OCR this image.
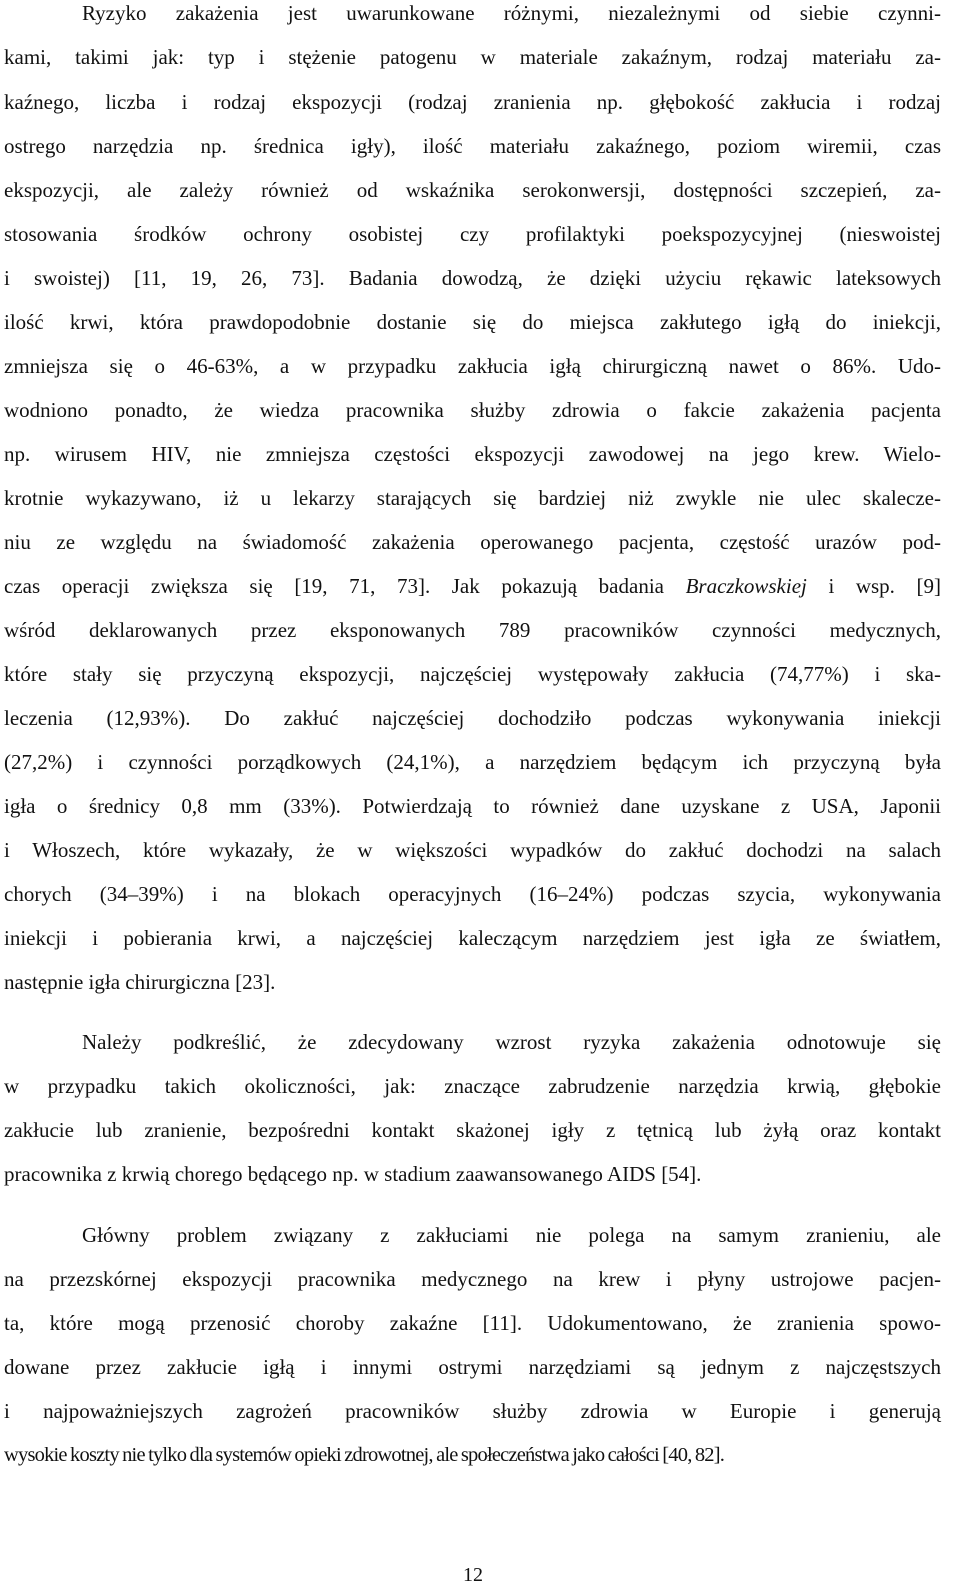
Ryzyko zakażenia jest uwarunkowane różnymi, niezależnymi od siebie czynni-
kami, takimi jak: typ i stężenie patogenu w materiale zakaźnym, rodzaj materiału za-
kaźnego, liczba i rodzaj ekspozycji (rodzaj zranienia np. głębokość zakłucia i rodzaj
ostrego narzędzia np. średnica igły), ilość materiału zakaźnego, poziom wiremii, czas
ekspozycji, ale zależy również od wskaźnika serokonwersji, dostępności szczepień, za-
stosowania środków ochrony osobistej czy profilaktyki poekspozycyjnej (nieswoistej
i swoistej) [11, 19, 26, 73]. Badania dowodzą, że dzięki użyciu rękawic lateksowych
ilość krwi, która prawdopodobnie dostanie się do miejsca zakłutego igłą do iniekcji,
zmniejsza się o 46-63%, a w przypadku zakłucia igłą chirurgiczną nawet o 86%. Udo-
wodniono ponadto, że wiedza pracownika służby zdrowia o fakcie zakażenia pacjenta
np. wirusem HIV, nie zmniejsza częstości ekspozycji zawodowej na jego krew. Wielo-
krotnie wykazywano, iż u lekarzy starających się bardziej niż zwykle nie ulec skalecze-
niu ze względu na świadomość zakażenia operowanego pacjenta, częstość urazów pod-
czas operacji zwiększa się [19, 71, 73]. Jak pokazują badania Braczkowskiej i wsp. [9]
wśród deklarowanych przez eksponowanych 789 pracowników czynności medycznych,
które stały się przyczyną ekspozycji, najczęściej występowały zakłucia (74,77%) i ska-
leczenia (12,93%). Do zakłuć najczęściej dochodziło podczas wykonywania iniekcji
(27,2%) i czynności porządkowych (24,1%), a narzędziem będącym ich przyczyną była
igła o średnicy 0,8 mm (33%). Potwierdzają to również dane uzyskane z USA, Japonii
i Włoszech, które wykazały, że w większości wypadków do zakłuć dochodzi na salach
chorych (34–39%) i na blokach operacyjnych (16–24%) podczas szycia, wykonywania
iniekcji i pobierania krwi, a najczęściej kaleczącym narzędziem jest igła ze światłem,
następnie igła chirurgiczna [23].
Należy podkreślić, że zdecydowany wzrost ryzyka zakażenia odnotowuje się
w przypadku takich okoliczności, jak: znaczące zabrudzenie narzędzia krwią, głębokie
zakłucie lub zranienie, bezpośredni kontakt skażonej igły z tętnicą lub żyłą oraz kontakt
pracownika z krwią chorego będącego np. w stadium zaawansowanego AIDS [54].
Główny problem związany z zakłuciami nie polega na samym zranieniu, ale
na przezskórnej ekspozycji pracownika medycznego na krew i płyny ustrojowe pacjen-
ta, które mogą przenosić choroby zakaźne [11]. Udokumentowano, że zranienia spowo-
dowane przez zakłucie igłą i innymi ostrymi narzędziami są jednym z najczęstszych
i najpoważniejszych zagrożeń pracowników służby zdrowia w Europie i generują
wysokie koszty nie tylko dla systemów opieki zdrowotnej, ale społeczeństwa jako całości [40, 82].
12
